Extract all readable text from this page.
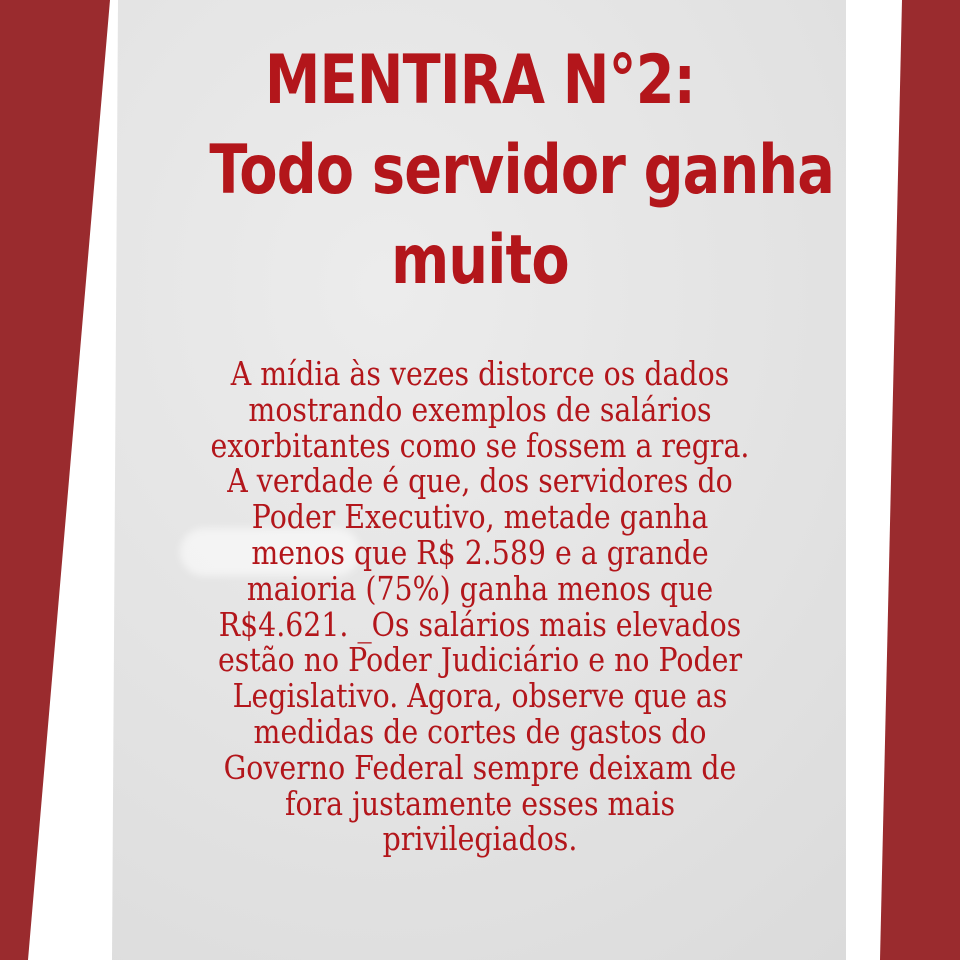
MENTIRA N°2:
Todo servidor ganha
muito
A mídia às vezes distorce os dados
mostrando exemplos de salários
exorbitantes como se fossem a regra.
A verdade é que, dos servidores do
Poder Executivo, metade ganha
menos que R$ 2.589 e a grande
maioria (75%) ganha menos que
R$4.621. _Os salários mais elevados
estão no Poder Judiciário e no Poder
Legislativo. Agora, observe que as
medidas de cortes de gastos do
Governo Federal sempre deixam de
fora justamente esses mais
privilegiados.
